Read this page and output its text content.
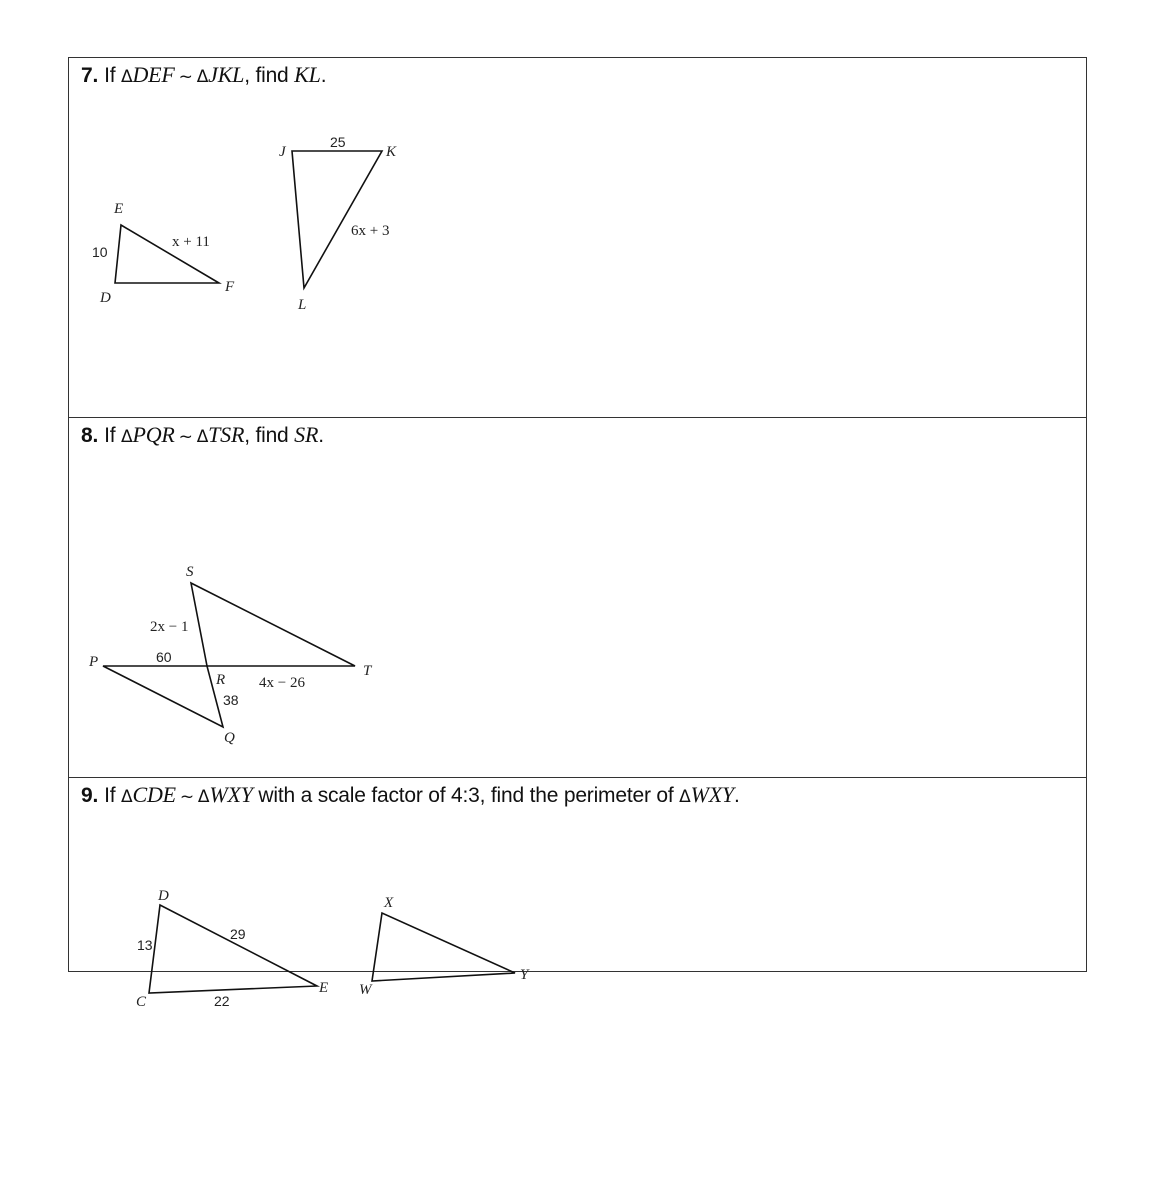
7. If ΔDEF ~ ΔJKL, find KL.
E
D
F
10
x + 11
J	K
L
25
6x + 3
8. If ΔPQR ~ ΔTSR, find SR.
S
P
T
R
Q
2x − 1
60
4x − 26
38
9. If ΔCDE ~ ΔWXY with a scale factor of 4:3, find the perimeter of ΔWXY.
D
C
E
13
29
22
X
W
Y
